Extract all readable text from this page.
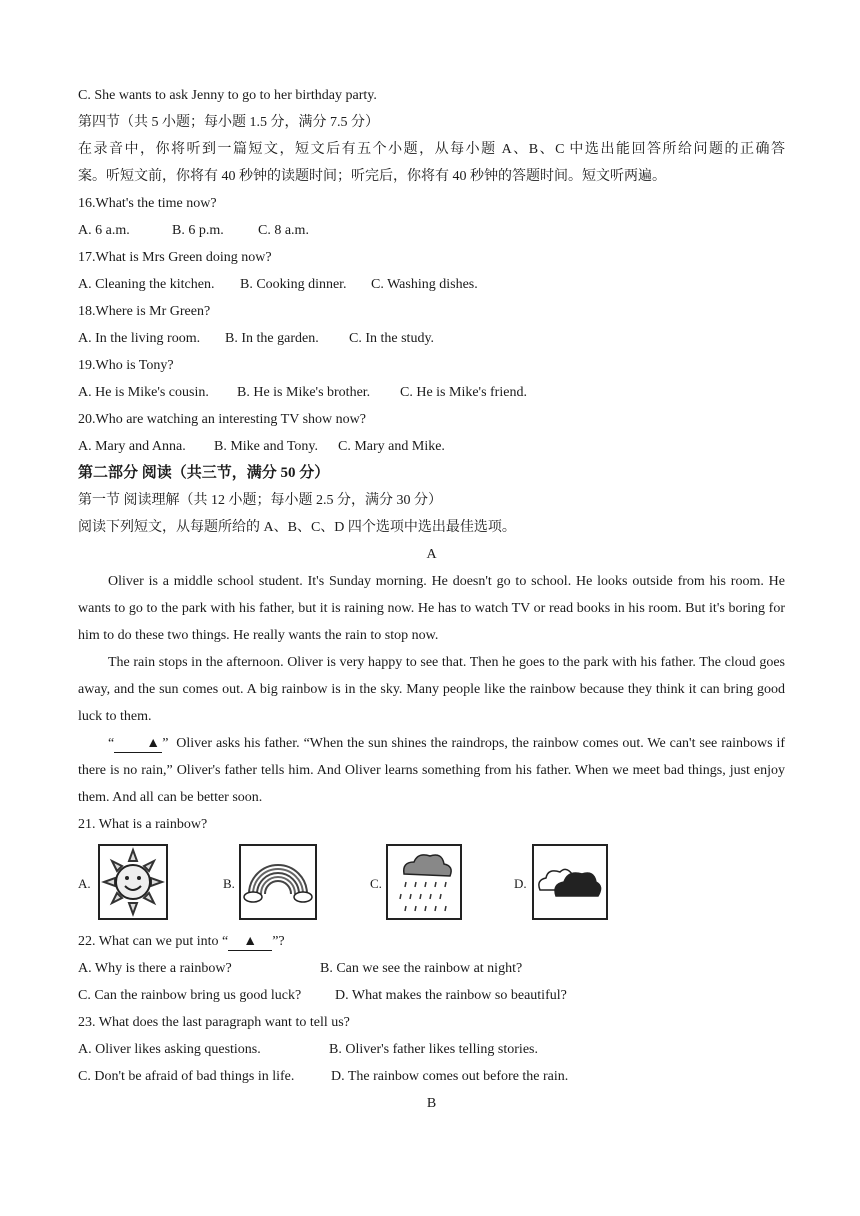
C. She wants to ask Jenny to go to her birthday party.
第四节（共 5 小题；每小题 1.5 分，满分 7.5 分）
在录音中，你将听到一篇短文，短文后有五个小题，从每小题 A、B、C 中选出能回答所给问题的正确答
案。听短文前，你将有 40 秒钟的读题时间；听完后，你将有 40 秒钟的答题时间。短文听两遍。
16.What's the time now?
A. 6 a.m.	B. 6 p.m. C. 8 a.m.
17.What is Mrs Green doing now?
A. Cleaning the kitchen. B. Cooking dinner. C. Washing dishes.
18.Where is Mr Green?
A. In the living room. B. In the garden. C. In the study.
19.Who is Tony?
A. He is Mike's cousin. B. He is Mike's brother. C. He is Mike's friend.
20.Who are watching an interesting TV show now?
A. Mary and Anna. B. Mike and Tony. C. Mary and Mike.
第二部分 阅读（共三节，满分 50 分）
第一节 阅读理解（共 12 小题；每小题 2.5 分，满分 30 分）
阅读下列短文，从每题所给的 A、B、C、D 四个选项中选出最佳选项。
A
Oliver is a middle school student. It's Sunday morning. He doesn't go to school. He looks outside from his room. He wants to go to the park with his father, but it is raining now. He has to watch TV or read books in his room. But it's boring for him to do these two things. He really wants the rain to stop now.
The rain stops in the afternoon. Oliver is very happy to see that. Then he goes to the park with his father. The cloud goes away, and the sun comes out. A big rainbow is in the sky. Many people like the rainbow because they think it can bring good luck to them.
“ ▲ ” Oliver asks his father. “When the sun shines the raindrops, the rainbow comes out. We can't see rainbows if there is no rain,” Oliver's father tells him. And Oliver learns something from his father. When we meet bad things, just enjoy them. And all can be better soon.
21. What is a rainbow?
A.	B.	C.	D.
22. What can we put into “ ▲ ”?
A. Why is there a rainbow?	B. Can we see the rainbow at night?
C. Can the rainbow bring us good luck? D. What makes the rainbow so beautiful?
23. What does the last paragraph want to tell us?
A. Oliver likes asking questions.	B. Oliver's father likes telling stories.
C. Don't be afraid of bad things in life.	D. The rainbow comes out before the rain.
B
